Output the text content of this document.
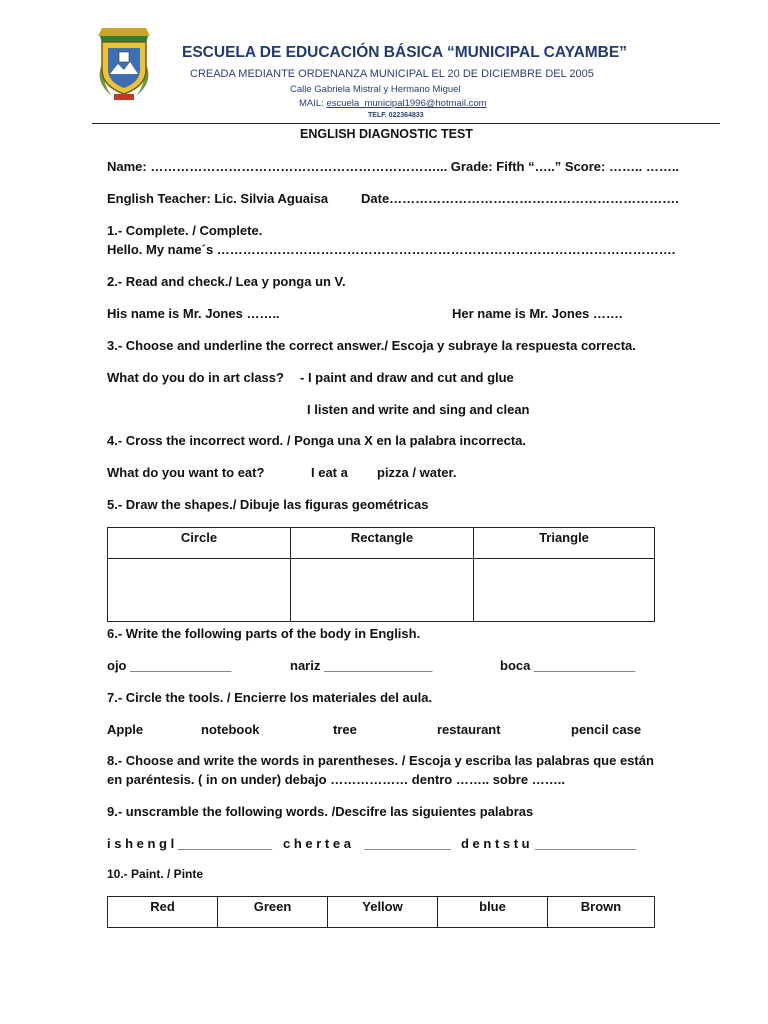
ESCUELA DE EDUCACIÓN BÁSICA “MUNICIPAL CAYAMBE”
CREADA MEDIANTE ORDENANZA MUNICIPAL EL 20 DE DICIEMBRE DEL 2005
Calle Gabriela Mistral y Hermano Miguel
MAIL: escuela_municipal1996@hotmail.com
TELF. 022364833
ENGLISH DIAGNOSTIC TEST
Name: …………………………………………………………... Grade: Fifth “…..” Score: …….. ……..
English Teacher: Lic. Silvia Aguaisa	Date………………………………………………………….
1.- Complete. / Complete.
Hello. My name´s …………………………………………………………………………………………….
2.- Read and check./ Lea y ponga un V.
His name is Mr. Jones ……..	Her name is Mr. Jones …….
3.- Choose and underline the correct answer./ Escoja y subraye la respuesta correcta.
What do you do in art class? - I paint and draw and cut and glue
I listen and write and sing and clean
4.- Cross the incorrect word. / Ponga una X en la palabra incorrecta.
What do you want to eat?	I eat a pizza / water.
5.- Draw the shapes./ Dibuje las figuras geométricas
Circle	Rectangle	Triangle

6.- Write the following parts of the body in English.
ojo ______________	nariz _______________	boca ______________
7.- Circle the tools. / Encierre los materiales del aula.
Apple	notebook	tree	restaurant	pencil case
8.- Choose and write the words in parentheses. / Escoja y escriba las palabras que están
en paréntesis. ( in on under) debajo ……………… dentro …….. sobre ……..
9.- unscramble the following words. /Descifre las siguientes palabras
i s h e n g l _____________ c h e r t e a ____________ d e n t s t u ______________
10.- Paint. / Pinte
Red	Green	Yellow	blue	Brown
